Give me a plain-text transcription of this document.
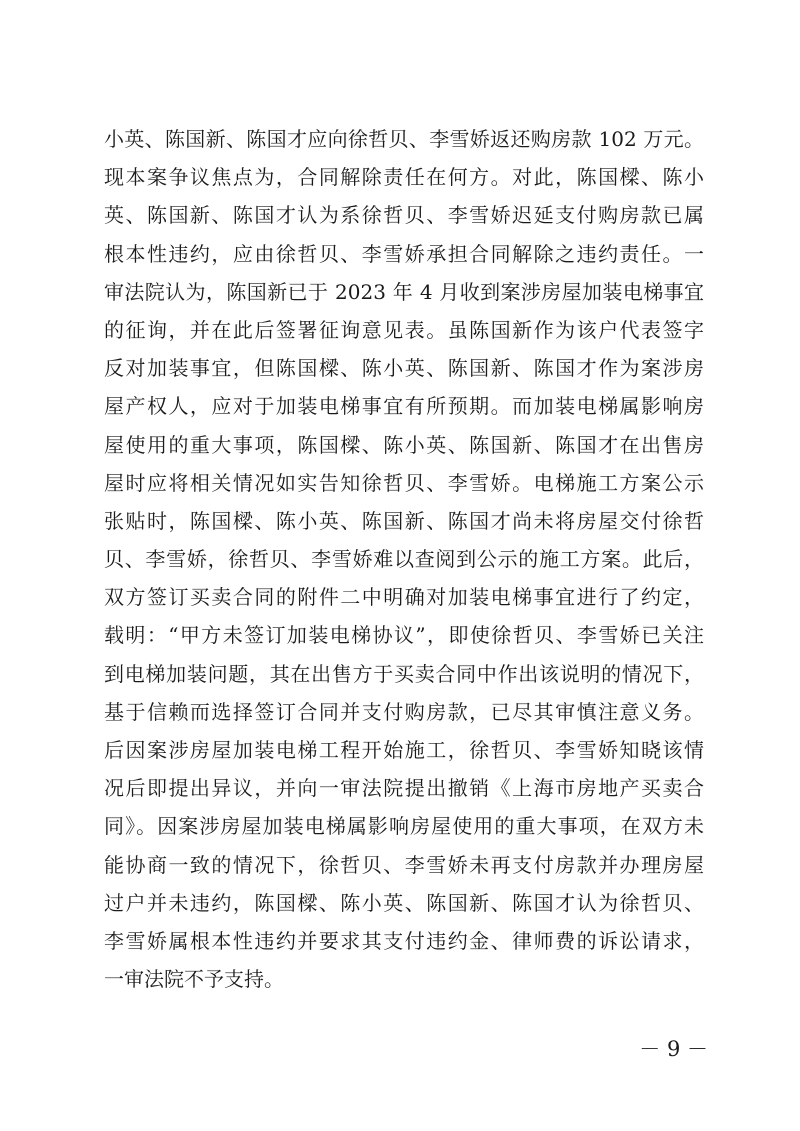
小英、陈国新、陈国才应向徐哲贝、李雪娇返还购房款 102 万元。
现本案争议焦点为，合同解除责任在何方。对此，陈国樑、陈小
英、陈国新、陈国才认为系徐哲贝、李雪娇迟延支付购房款已属
根本性违约，应由徐哲贝、李雪娇承担合同解除之违约责任。一
审法院认为，陈国新已于 2023 年 4 月收到案涉房屋加装电梯事宜
的征询，并在此后签署征询意见表。虽陈国新作为该户代表签字
反对加装事宜，但陈国樑、陈小英、陈国新、陈国才作为案涉房
屋产权人，应对于加装电梯事宜有所预期。而加装电梯属影响房
屋使用的重大事项，陈国樑、陈小英、陈国新、陈国才在出售房
屋时应将相关情况如实告知徐哲贝、李雪娇。电梯施工方案公示
张贴时，陈国樑、陈小英、陈国新、陈国才尚未将房屋交付徐哲
贝、李雪娇，徐哲贝、李雪娇难以查阅到公示的施工方案。此后，
双方签订买卖合同的附件二中明确对加装电梯事宜进行了约定，
载明：“甲方未签订加装电梯协议”，即使徐哲贝、李雪娇已关注
到电梯加装问题，其在出售方于买卖合同中作出该说明的情况下，
基于信赖而选择签订合同并支付购房款，已尽其审慎注意义务。
后因案涉房屋加装电梯工程开始施工，徐哲贝、李雪娇知晓该情
况后即提出异议，并向一审法院提出撤销《上海市房地产买卖合
同》。因案涉房屋加装电梯属影响房屋使用的重大事项，在双方未
能协商一致的情况下，徐哲贝、李雪娇未再支付房款并办理房屋
过户并未违约，陈国樑、陈小英、陈国新、陈国才认为徐哲贝、
李雪娇属根本性违约并要求其支付违约金、律师费的诉讼请求，
一审法院不予支持。
－ 9 －
